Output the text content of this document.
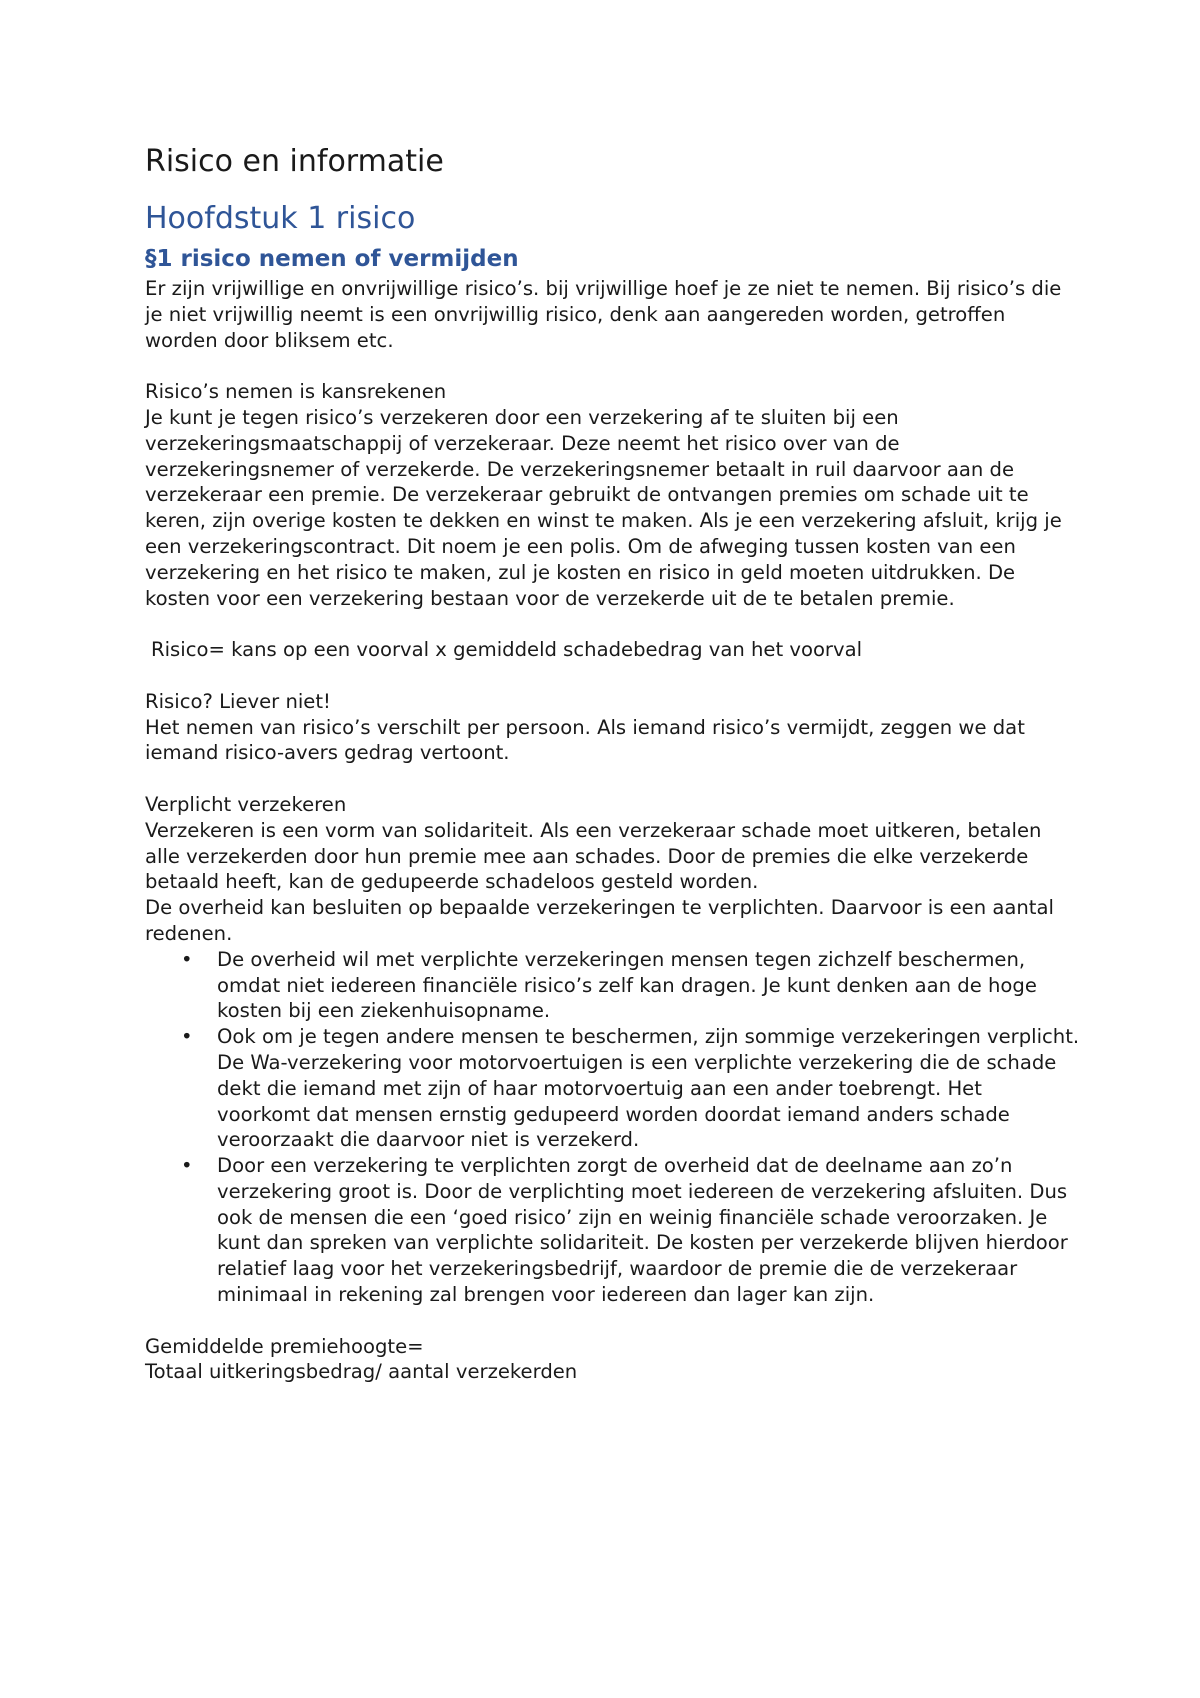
Risico en informatie
Hoofdstuk 1 risico
§1 risico nemen of vermijden

Er zijn vrijwillige en onvrijwillige risico’s. bij vrijwillige hoef je ze niet te nemen. Bij risico’s die je niet vrijwillig neemt is een onvrijwillig risico, denk aan aangereden worden, getroffen worden door bliksem etc.

Risico’s nemen is kansrekenen

Je kunt je tegen risico’s verzekeren door een verzekering af te sluiten bij een verzekeringsmaatschappij of verzekeraar. Deze neemt het risico over van de verzekeringsnemer of verzekerde. De verzekeringsnemer betaalt in ruil daarvoor aan de verzekeraar een premie. De verzekeraar gebruikt de ontvangen premies om schade uit te keren, zijn overige kosten te dekken en winst te maken. Als je een verzekering afsluit, krijg je een verzekeringscontract. Dit noem je een polis. Om de afweging tussen kosten van een verzekering en het risico te maken, zul je kosten en risico in geld moeten uitdrukken. De kosten voor een verzekering bestaan voor de verzekerde uit de te betalen premie.

Risico= kans op een voorval x gemiddeld schadebedrag van het voorval

Risico? Liever niet!

Het nemen van risico’s verschilt per persoon. Als iemand risico’s vermijdt, zeggen we dat iemand risico-avers gedrag vertoont.

Verplicht verzekeren

Verzekeren is een vorm van solidariteit. Als een verzekeraar schade moet uitkeren, betalen alle verzekerden door hun premie mee aan schades. Door de premies die elke verzekerde betaald heeft, kan de gedupeerde schadeloos gesteld worden.

De overheid kan besluiten op bepaalde verzekeringen te verplichten. Daarvoor is een aantal redenen.

• De overheid wil met verplichte verzekeringen mensen tegen zichzelf beschermen, omdat niet iedereen financiële risico’s zelf kan dragen. Je kunt denken aan de hoge kosten bij een ziekenhuisopname.
• Ook om je tegen andere mensen te beschermen, zijn sommige verzekeringen verplicht. De Wa-verzekering voor motorvoertuigen is een verplichte verzekering die de schade dekt die iemand met zijn of haar motorvoertuig aan een ander toebrengt. Het voorkomt dat mensen ernstig gedupeerd worden doordat iemand anders schade veroorzaakt die daarvoor niet is verzekerd.
• Door een verzekering te verplichten zorgt de overheid dat de deelname aan zo’n verzekering groot is. Door de verplichting moet iedereen de verzekering afsluiten. Dus ook de mensen die een ‘goed risico’ zijn en weinig financiële schade veroorzaken. Je kunt dan spreken van verplichte solidariteit. De kosten per verzekerde blijven hierdoor relatief laag voor het verzekeringsbedrijf, waardoor de premie die de verzekeraar minimaal in rekening zal brengen voor iedereen dan lager kan zijn.

Gemiddelde premiehoogte=

Totaal uitkeringsbedrag/ aantal verzekerden
